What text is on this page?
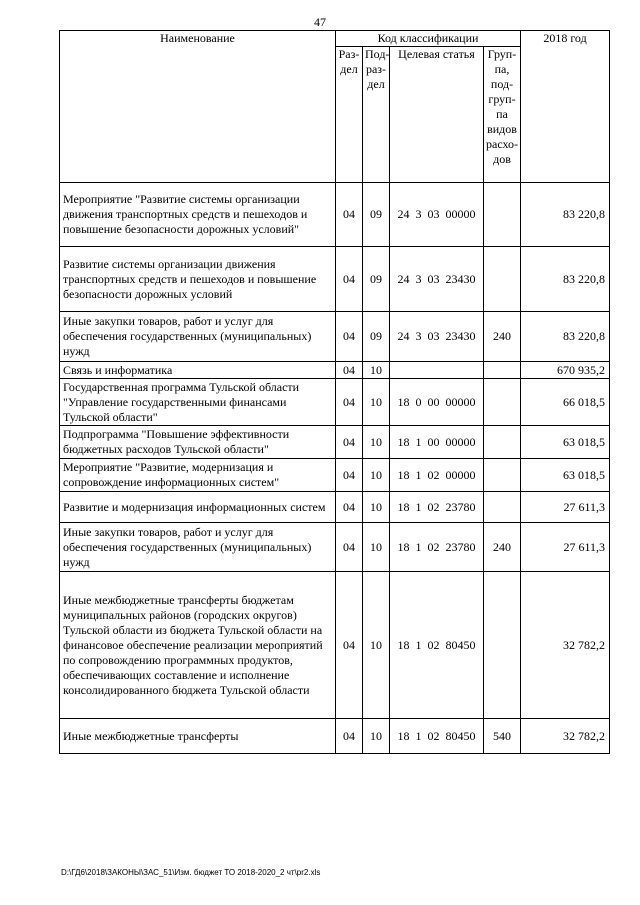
47
Наименование	Код классификации				2018 год
	Раз-дел	Под-раз-дел	Целевая статья	Груп-па, под-груп-па видов расхо-дов	
Мероприятие "Развитие системы организации движения транспортных средств и пешеходов и повышение безопасности дорожных условий"	04	09	24  3  03  00000		83 220,8
Развитие системы организации движения транспортных средств и пешеходов и повышение безопасности дорожных условий	04	09	24  3  03  23430		83 220,8
Иные закупки товаров, работ и услуг для обеспечения государственных (муниципальных) нужд	04	09	24  3  03  23430	240	83 220,8
Связь и информатика	04	10			670 935,2
Государственная программа Тульской области "Управление государственными финансами Тульской области"	04	10	18  0  00  00000		66 018,5
Подпрограмма "Повышение эффективности бюджетных расходов Тульской области"	04	10	18  1  00  00000		63 018,5
Мероприятие "Развитие, модернизация и сопровождение информационных систем"	04	10	18  1  02  00000		63 018,5
Развитие и модернизация информационных систем	04	10	18  1  02  23780		27 611,3
Иные закупки товаров, работ и услуг для обеспечения государственных (муниципальных) нужд	04	10	18  1  02  23780	240	27 611,3
Иные межбюджетные трансферты бюджетам муниципальных районов (городских округов) Тульской области из бюджета Тульской области на финансовое обеспечение реализации мероприятий по сопровождению программных продуктов, обеспечивающих составление и исполнение консолидированного бюджета Тульской области	04	10	18  1  02  80450		32 782,2
Иные межбюджетные трансферты	04	10	18  1  02  80450	540	32 782,2
D:\ГД6\2018\ЗАКОНЫ\ЗАС_51\Изм. бюджет ТО 2018-2020_2 чт\pr2.xls
